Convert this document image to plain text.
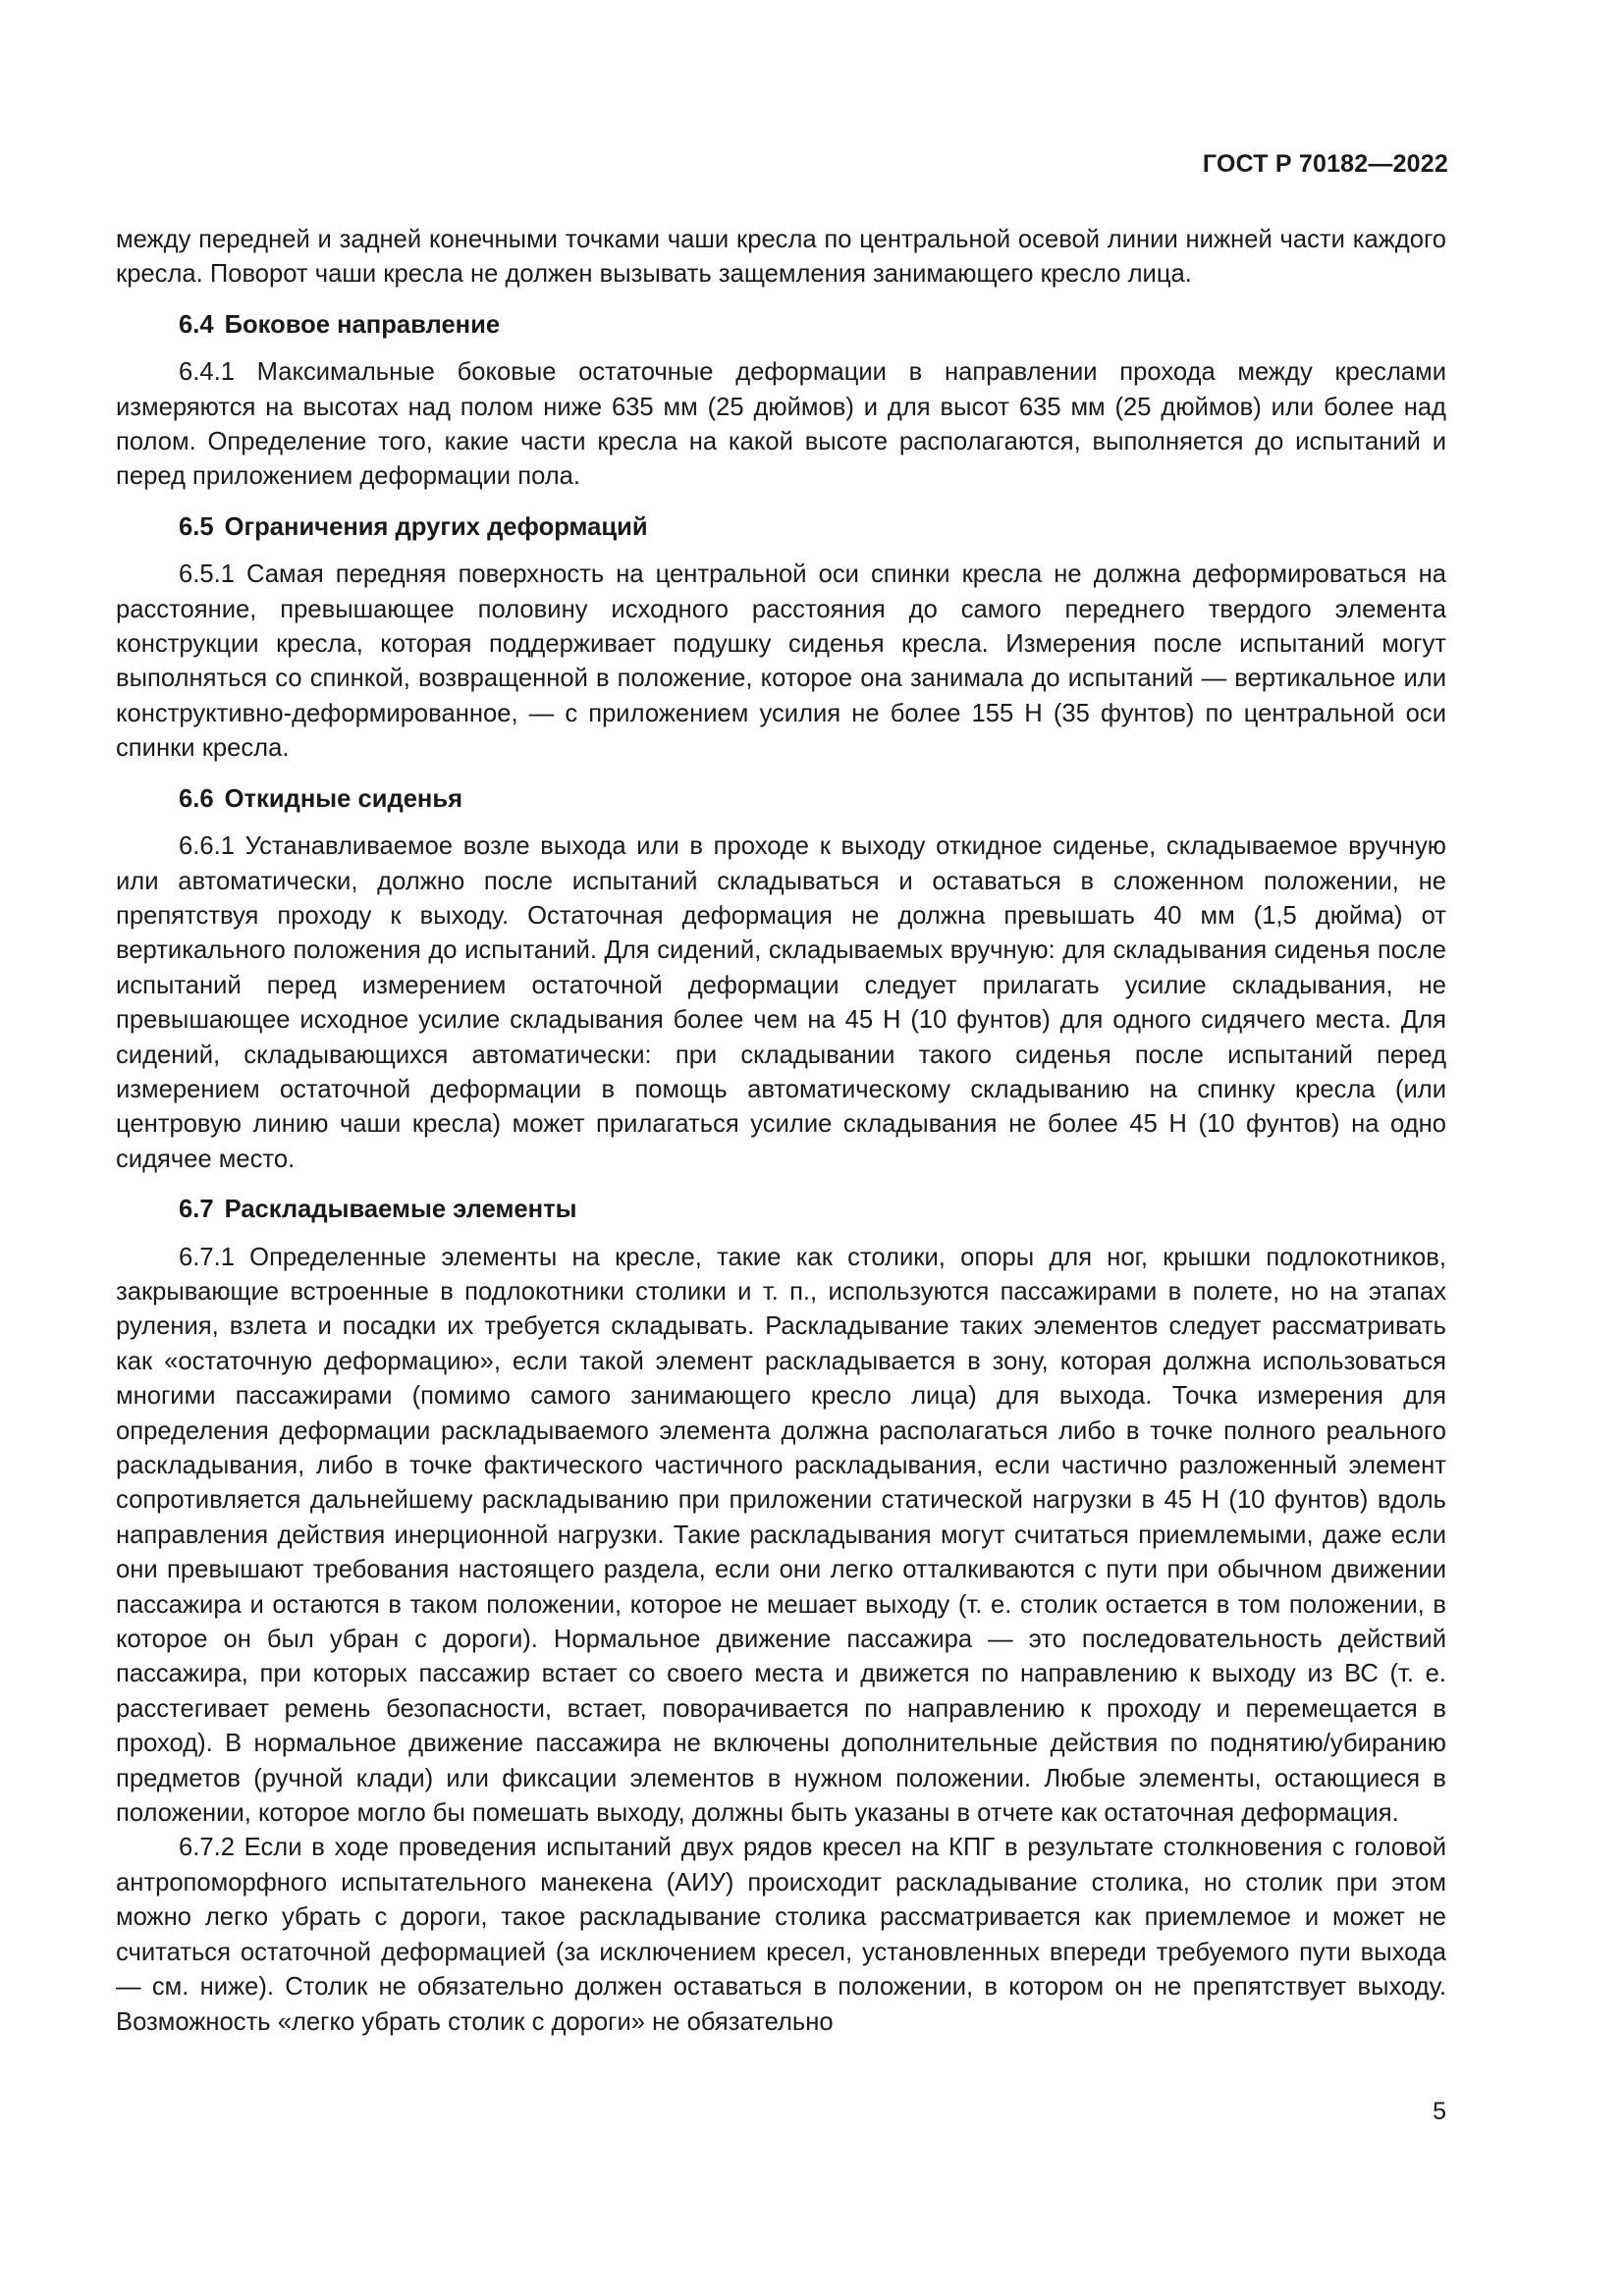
ГОСТ Р 70182—2022

между передней и задней конечными точками чаши кресла по центральной осевой линии нижней части каждого кресла. Поворот чаши кресла не должен вызывать защемления занимающего кресло лица.

6.4 Боковое направление

6.4.1 Максимальные боковые остаточные деформации в направлении прохода между креслами измеряются на высотах над полом ниже 635 мм (25 дюймов) и для высот 635 мм (25 дюймов) или более над полом. Определение того, какие части кресла на какой высоте располагаются, выполняется до испытаний и перед приложением деформации пола.

6.5 Ограничения других деформаций

6.5.1 Самая передняя поверхность на центральной оси спинки кресла не должна деформироваться на расстояние, превышающее половину исходного расстояния до самого переднего твердого элемента конструкции кресла, которая поддерживает подушку сиденья кресла. Измерения после испытаний могут выполняться со спинкой, возвращенной в положение, которое она занимала до испытаний — вертикальное или конструктивно-деформированное, — с приложением усилия не более 155 Н (35 фунтов) по центральной оси спинки кресла.

6.6 Откидные сиденья

6.6.1 Устанавливаемое возле выхода или в проходе к выходу откидное сиденье, складываемое вручную или автоматически, должно после испытаний складываться и оставаться в сложенном положении, не препятствуя проходу к выходу. Остаточная деформация не должна превышать 40 мм (1,5 дюйма) от вертикального положения до испытаний. Для сидений, складываемых вручную: для складывания сиденья после испытаний перед измерением остаточной деформации следует прилагать усилие складывания, не превышающее исходное усилие складывания более чем на 45 Н (10 фунтов) для одного сидячего места. Для сидений, складывающихся автоматически: при складывании такого сиденья после испытаний перед измерением остаточной деформации в помощь автоматическому складыванию на спинку кресла (или центровую линию чаши кресла) может прилагаться усилие складывания не более 45 Н (10 фунтов) на одно сидячее место.

6.7 Раскладываемые элементы

6.7.1 Определенные элементы на кресле, такие как столики, опоры для ног, крышки подлокотников, закрывающие встроенные в подлокотники столики и т. п., используются пассажирами в полете, но на этапах руления, взлета и посадки их требуется складывать. Раскладывание таких элементов следует рассматривать как «остаточную деформацию», если такой элемент раскладывается в зону, которая должна использоваться многими пассажирами (помимо самого занимающего кресло лица) для выхода. Точка измерения для определения деформации раскладываемого элемента должна располагаться либо в точке полного реального раскладывания, либо в точке фактического частичного раскладывания, если частично разложенный элемент сопротивляется дальнейшему раскладыванию при приложении статической нагрузки в 45 Н (10 фунтов) вдоль направления действия инерционной нагрузки. Такие раскладывания могут считаться приемлемыми, даже если они превышают требования настоящего раздела, если они легко отталкиваются с пути при обычном движении пассажира и остаются в таком положении, которое не мешает выходу (т. е. столик остается в том положении, в которое он был убран с дороги). Нормальное движение пассажира — это последовательность действий пассажира, при которых пассажир встает со своего места и движется по направлению к выходу из ВС (т. е. расстегивает ремень безопасности, встает, поворачивается по направлению к проходу и перемещается в проход). В нормальное движение пассажира не включены дополнительные действия по поднятию/убиранию предметов (ручной клади) или фиксации элементов в нужном положении. Любые элементы, остающиеся в положении, которое могло бы помешать выходу, должны быть указаны в отчете как остаточная деформация.

6.7.2 Если в ходе проведения испытаний двух рядов кресел на КПГ в результате столкновения с головой антропоморфного испытательного манекена (АИУ) происходит раскладывание столика, но столик при этом можно легко убрать с дороги, такое раскладывание столика рассматривается как приемлемое и может не считаться остаточной деформацией (за исключением кресел, установленных впереди требуемого пути выхода — см. ниже). Столик не обязательно должен оставаться в положении, в котором он не препятствует выходу. Возможность «легко убрать столик с дороги» не обязательно

5
